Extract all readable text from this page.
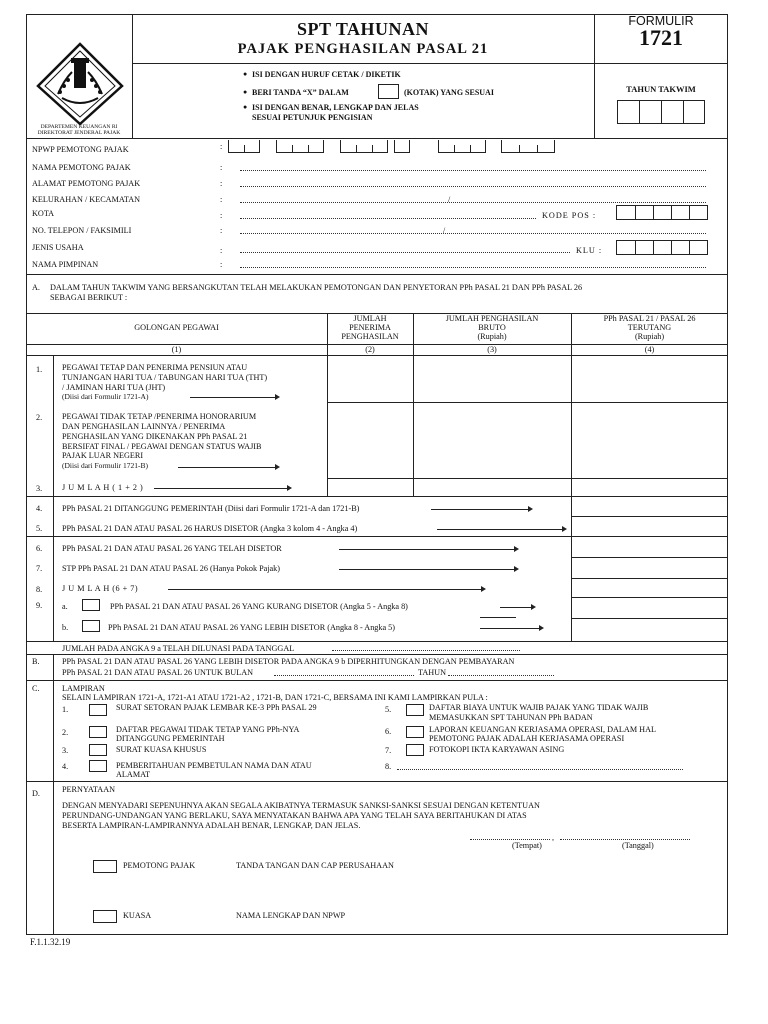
DEPARTEMEN KEUANGAN RI
DIREKTORAT JENDERAL PAJAK
SPT TAHUNAN
PAJAK PENGHASILAN PASAL 21
FORMULIR
1721
● ISI DENGAN HURUF CETAK / DIKETIK
● BERI TANDA “X” DALAM	(KOTAK) YANG SESUAI
● ISI DENGAN BENAR, LENGKAP DAN JELAS
SESUAI PETUNJUK PENGISIAN
TAHUN TAKWIM
NPWP PEMOTONG PAJAK	:
NAMA PEMOTONG PAJAK	:
ALAMAT PEMOTONG PAJAK	:
KELURAHAN / KECAMATAN	:	/
KOTA	:	KODE POS :
NO. TELEPON / FAKSIMILI	:	/
JENIS USAHA	:	KLU :
NAMA PIMPINAN	:
A. DALAM TAHUN TAKWIM YANG BERSANGKUTAN TELAH MELAKUKAN PEMOTONGAN DAN PENYETORAN PPh PASAL 21 DAN PPh PASAL 26
SEBAGAI BERIKUT :
GOLONGAN PEGAWAI
JUMLAH
PENERIMA
PENGHASILAN
JUMLAH PENGHASILAN
BRUTO
(Rupiah)
PPh PASAL 21 / PASAL 26
TERUTANG
(Rupiah)
(1)	(2)	(3)	(4)
1. PEGAWAI TETAP DAN PENERIMA PENSIUN ATAU
TUNJANGAN HARI TUA / TABUNGAN HARI TUA (THT)
/ JAMINAN HARI TUA (JHT)
(Diisi dari Formulir 1721-A)
2. PEGAWAI TIDAK TETAP /PENERIMA HONORARIUM
DAN PENGHASILAN LAINNYA / PENERIMA
PENGHASILAN YANG DIKENAKAN PPh PASAL 21
BERSIFAT FINAL / PEGAWAI DENGAN STATUS WAJIB
PAJAK LUAR NEGERI
(Diisi dari Formulir 1721-B)
3. J U M L A H ( 1 + 2 )
4. PPh PASAL 21 DITANGGUNG PEMERINTAH (Diisi dari Formulir 1721-A dan 1721-B)
5. PPh PASAL 21 DAN ATAU PASAL 26 HARUS DISETOR (Angka 3 kolom 4 - Angka 4)
6. PPh PASAL 21 DAN ATAU PASAL 26 YANG TELAH DISETOR
7. STP PPh PASAL 21 DAN ATAU PASAL 26 (Hanya Pokok Pajak)
8. J U M L A H (6 + 7)
9. a.	PPh PASAL 21 DAN ATAU PASAL 26 YANG KURANG DISETOR (Angka 5 - Angka 8)
b.	PPh PASAL 21 DAN ATAU PASAL 26 YANG LEBIH DISETOR (Angka 8 - Angka 5)
JUMLAH PADA ANGKA 9 a TELAH DILUNASI PADA TANGGAL
B.	PPh PASAL 21 DAN ATAU PASAL 26 YANG LEBIH DISETOR PADA ANGKA 9 b DIPERHITUNGKAN DENGAN PEMBAYARAN
PPh PASAL 21 DAN ATAU PASAL 26 UNTUK BULAN	TAHUN
C.	LAMPIRAN
SELAIN LAMPIRAN 1721-A, 1721-A1 ATAU 1721-A2 , 1721-B, DAN 1721-C, BERSAMA INI KAMI LAMPIRKAN PULA :
1.	SURAT SETORAN PAJAK LEMBAR KE-3 PPh PASAL 29
2.	DAFTAR PEGAWAI TIDAK TETAP YANG PPh-NYA
DITANGGUNG PEMERINTAH
3.	SURAT KUASA KHUSUS
4.	PEMBERITAHUAN PEMBETULAN NAMA DAN ATAU
ALAMAT
5.	DAFTAR BIAYA UNTUK WAJIB PAJAK YANG TIDAK WAJIB
MEMASUKKAN SPT TAHUNAN PPh BADAN
6.	LAPORAN KEUANGAN KERJASAMA OPERASI, DALAM HAL
PEMOTONG PAJAK ADALAH KERJASAMA OPERASI
7.	FOTOKOPI IKTA KARYAWAN ASING
8.
D.	PERNYATAAN
DENGAN MENYADARI SEPENUHNYA AKAN SEGALA AKIBATNYA TERMASUK SANKSI-SANKSI SESUAI DENGAN KETENTUAN
PERUNDANG-UNDANGAN YANG BERLAKU, SAYA MENYATAKAN BAHWA APA YANG TELAH SAYA BERITAHUKAN DI ATAS
BESERTA LAMPIRAN-LAMPIRANNYA ADALAH BENAR, LENGKAP, DAN JELAS.
,
(Tempat)	(Tanggal)
PEMOTONG PAJAK	TANDA TANGAN DAN CAP PERUSAHAAN
KUASA	NAMA LENGKAP DAN NPWP
F.1.1.32.19
